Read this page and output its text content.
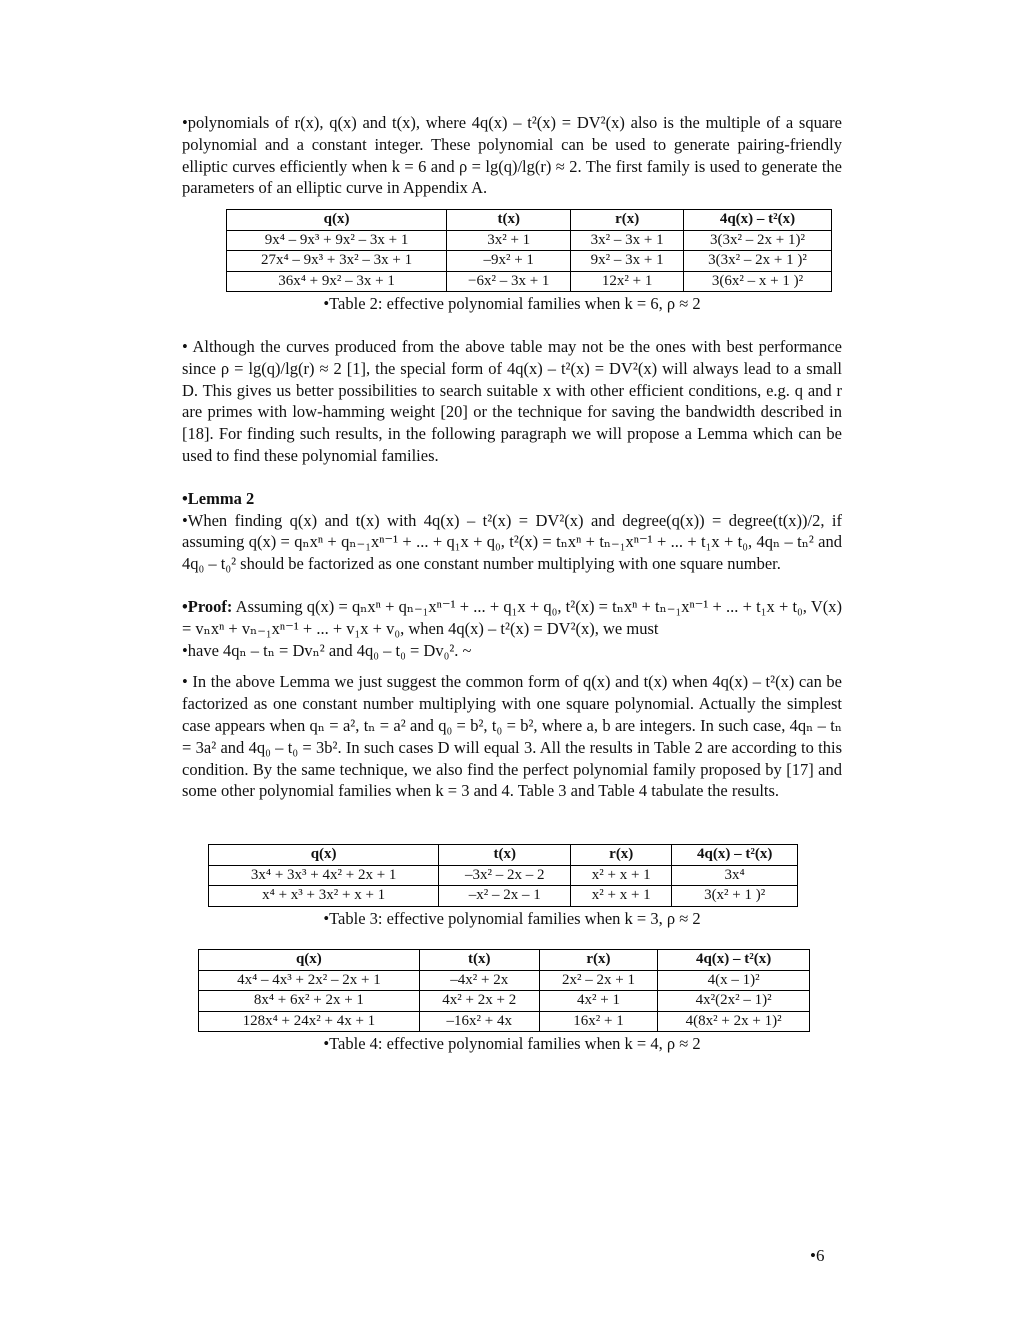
•polynomials of r(x), q(x) and t(x), where 4q(x) – t²(x) = DV²(x) also is the multiple of a square polynomial and a constant integer. These polynomial can be used to generate pairing-friendly elliptic curves efficiently when k = 6 and ρ = lg(q)/lg(r) ≈ 2. The first family is used to generate the parameters of an elliptic curve in Appendix A.

q(x)	t(x)	r(x)	4q(x) – t²(x)
9x⁴ – 9x³ + 9x² – 3x + 1	3x² + 1	3x² – 3x + 1	3(3x² – 2x + 1)²
27x⁴ – 9x³ + 3x² – 3x + 1	–9x² + 1	9x² – 3x + 1	3(3x² – 2x + 1 )²
36x⁴ + 9x² – 3x + 1	−6x² – 3x + 1	12x² + 1	3(6x² – x + 1 )²

•Table 2: effective polynomial families when k = 6, ρ ≈ 2

• Although the curves produced from the above table may not be the ones with best performance since ρ = lg(q)/lg(r) ≈ 2 [1], the special form of 4q(x) – t²(x) = DV²(x) will always lead to a small D. This gives us better possibilities to search suitable x with other efficient conditions, e.g. q and r are primes with low-hamming weight [20] or the technique for saving the bandwidth described in [18]. For finding such results, in the following paragraph we will propose a Lemma which can be used to find these polynomial families.

•Lemma 2

•When finding q(x) and t(x) with 4q(x) – t²(x) = DV²(x) and degree(q(x)) = degree(t(x))/2, if assuming q(x) = qₙxⁿ + qₙ₋₁xⁿ⁻¹ + ... + q₁x + q₀, t²(x) = tₙxⁿ + tₙ₋₁xⁿ⁻¹ + ... + t₁x + t₀, 4qₙ – tₙ² and 4q₀ – t₀² should be factorized as one constant number multiplying with one square number.

•Proof: Assuming q(x) = qₙxⁿ + qₙ₋₁xⁿ⁻¹ + ... + q₁x + q₀, t²(x) = tₙxⁿ + tₙ₋₁xⁿ⁻¹ + ... + t₁x + t₀, V(x) = vₙxⁿ + vₙ₋₁xⁿ⁻¹ + ... + v₁x + v₀, when 4q(x) – t²(x) = DV²(x), we must

•have 4qₙ – tₙ = Dvₙ² and 4q₀ – t₀ = Dv₀². ~

• In the above Lemma we just suggest the common form of q(x) and t(x) when 4q(x) – t²(x) can be factorized as one constant number multiplying with one square polynomial. Actually the simplest case appears when qₙ = a², tₙ = a² and q₀ = b², t₀ = b², where a, b are integers. In such case, 4qₙ – tₙ = 3a² and 4q₀ – t₀ = 3b². In such cases D will equal 3. All the results in Table 2 are according to this condition. By the same technique, we also find the perfect polynomial family proposed by [17] and some other polynomial families when k = 3 and 4. Table 3 and Table 4 tabulate the results.

q(x)	t(x)	r(x)	4q(x) – t²(x)
3x⁴ + 3x³ + 4x² + 2x + 1	–3x² – 2x – 2	x² + x + 1	3x⁴
x⁴ + x³ + 3x² + x + 1	–x² – 2x – 1	x² + x + 1	3(x² + 1 )²

•Table 3: effective polynomial families when k = 3, ρ ≈ 2

q(x)	t(x)	r(x)	4q(x) – t²(x)
4x⁴ – 4x³ + 2x² – 2x + 1	–4x² + 2x	2x² – 2x + 1	4(x – 1)²
8x⁴ + 6x² + 2x + 1	4x² + 2x + 2	4x² + 1	4x²(2x² – 1)²
128x⁴ + 24x² + 4x + 1	–16x² + 4x	16x² + 1	4(8x² + 2x + 1)²

•Table 4: effective polynomial families when k = 4, ρ ≈ 2

•6
